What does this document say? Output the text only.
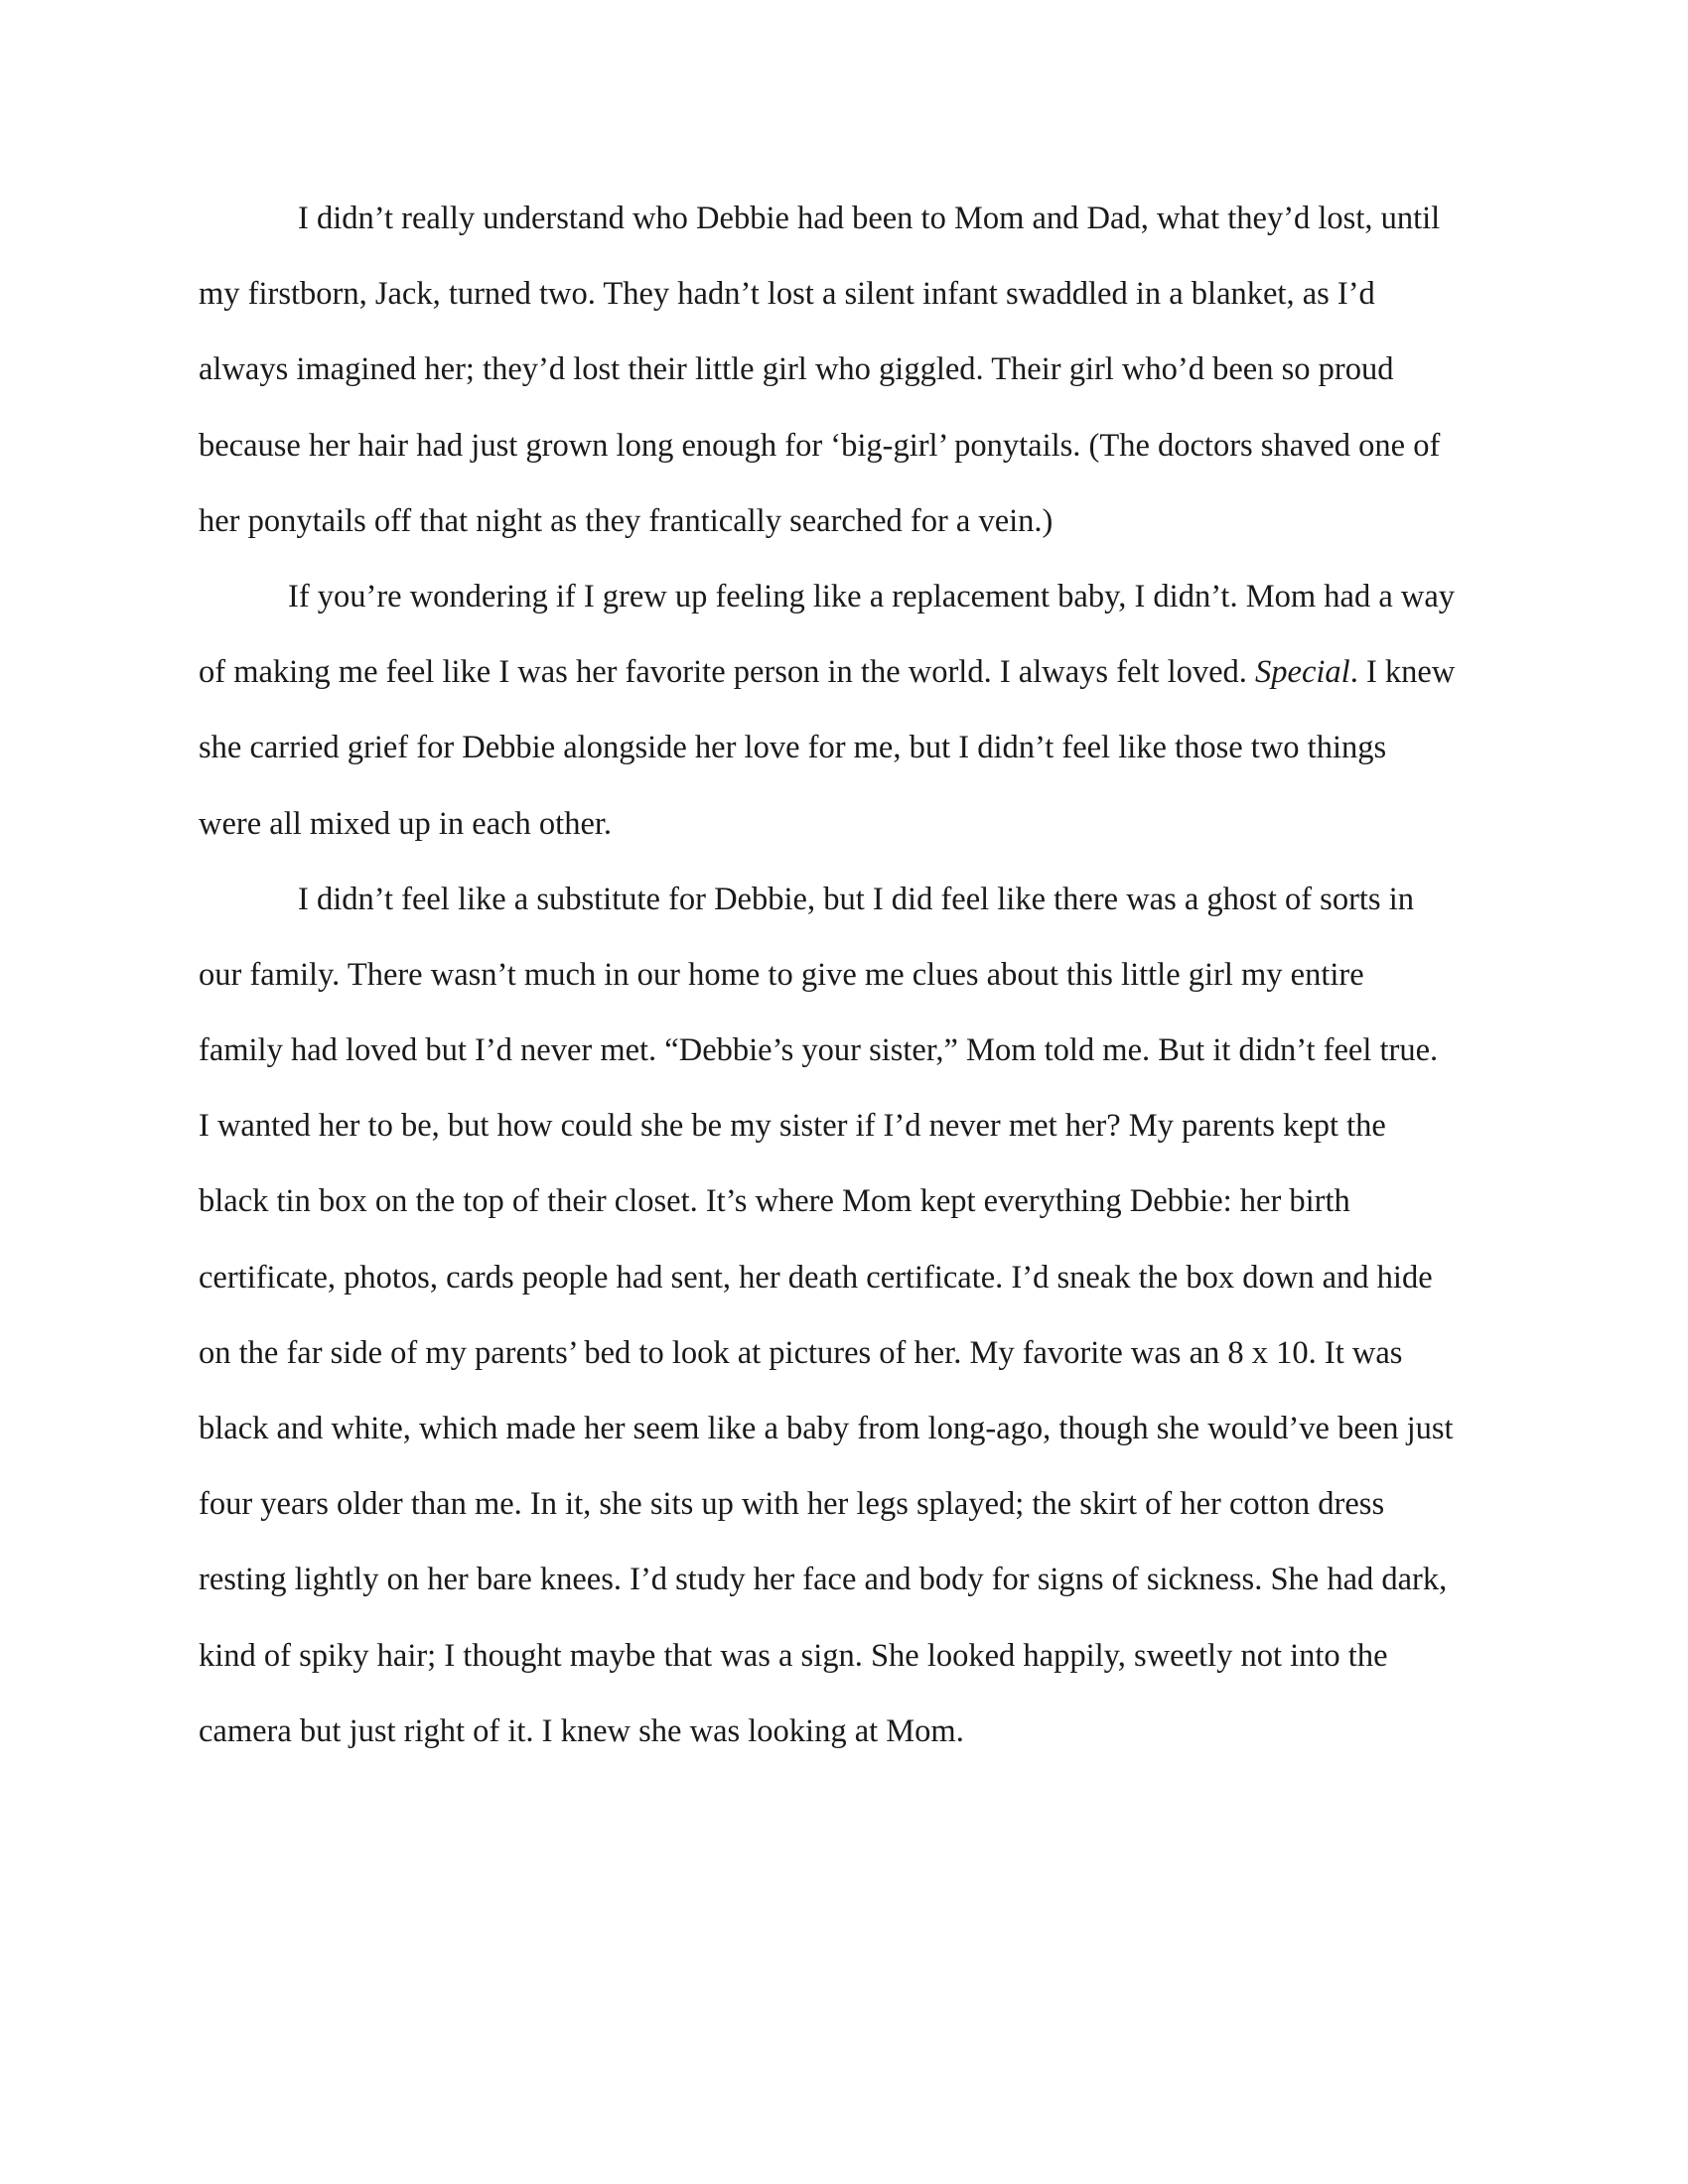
I didn’t really understand who Debbie had been to Mom and Dad, what they’d lost, until
my firstborn, Jack, turned two. They hadn’t lost a silent infant swaddled in a blanket, as I’d
always imagined her; they’d lost their little girl who giggled. Their girl who’d been so proud
because her hair had just grown long enough for ‘big-girl’ ponytails. (The doctors shaved one of
her ponytails off that night as they frantically searched for a vein.)
If you’re wondering if I grew up feeling like a replacement baby, I didn’t. Mom had a way
of making me feel like I was her favorite person in the world. I always felt loved. Special. I knew
she carried grief for Debbie alongside her love for me, but I didn’t feel like those two things
were all mixed up in each other.
I didn’t feel like a substitute for Debbie, but I did feel like there was a ghost of sorts in
our family. There wasn’t much in our home to give me clues about this little girl my entire
family had loved but I’d never met. “Debbie’s your sister,” Mom told me. But it didn’t feel true.
I wanted her to be, but how could she be my sister if I’d never met her? My parents kept the
black tin box on the top of their closet. It’s where Mom kept everything Debbie: her birth
certificate, photos, cards people had sent, her death certificate. I’d sneak the box down and hide
on the far side of my parents’ bed to look at pictures of her. My favorite was an 8 x 10. It was
black and white, which made her seem like a baby from long-ago, though she would’ve been just
four years older than me. In it, she sits up with her legs splayed; the skirt of her cotton dress
resting lightly on her bare knees. I’d study her face and body for signs of sickness. She had dark,
kind of spiky hair; I thought maybe that was a sign. She looked happily, sweetly not into the
camera but just right of it. I knew she was looking at Mom.
